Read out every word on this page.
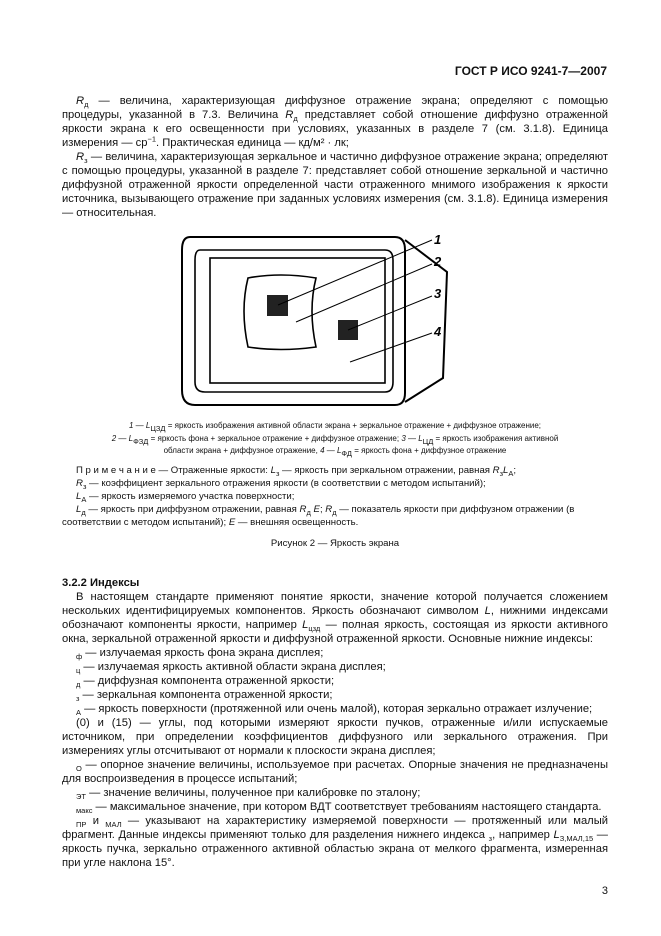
ГОСТ Р ИСО 9241-7—2007

$R_д$ — величина, характеризующая диффузное отражение экрана; определяют с помощью процедуры, указанной в 7.3. Величина $R_д$ представляет собой отношение диффузно отраженной яркости экрана к его освещенности при условиях, указанных в разделе 7 (см. 3.1.8). Единица измерения — $ср^{-1}$. Практическая единица — кд/м² · лк;

$R_з$ — величина, характеризующая зеркальное и частично диффузное отражение экрана; определяют с помощью процедуры, указанной в разделе 7: представляет собой отношение зеркальной и частично диффузной отраженной яркости определенной части отраженного мнимого изображения к яркости источника, вызывающего отражение при заданных условиях измерения (см. 3.1.8). Единица измерения — относительная.

1
2
3
4

1 — $L_{ЦЗД}$ = яркость изображения активной области экрана + зеркальное отражение + диффузное отражение;

2 — $L_{ФЗД}$ = яркость фона + зеркальное отражение + диффузное отражение; 3 — $L_{ЦД}$ = яркость изображения активной

области экрана + диффузное отражение, 4 — $L_{ФД}$ = яркость фона + диффузное отражение

П р и м е ч а н и е — Отраженные яркости: $L_з$ — яркость при зеркальном отражении, равная $R_зL_А$;

$R_з$ — коэффициент зеркального отражения яркости (в соответствии с методом испытаний);

$L_А$ — яркость измеряемого участка поверхности;

$L_д$ — яркость при диффузном отражении, равная $R_д$ E; $R_д$ — показатель яркости при диффузном отражении (в соответствии с методом испытаний); E — внешняя освещенность.

Рисунок 2 — Яркость экрана

3.2.2 Индексы

В настоящем стандарте применяют понятие яркости, значение которой получается сложением нескольких идентифицируемых компонентов. Яркость обозначают символом L, нижними индексами обозначают компоненты яркости, например $L_{цзд}$ — полная яркость, состоящая из яркости активного окна, зеркальной отраженной яркости и диффузной отраженной яркости. Основные нижние индексы:

$_ф$ — излучаемая яркость фона экрана дисплея;

$_ц$ — излучаемая яркость активной области экрана дисплея;

$_д$ — диффузная компонента отраженной яркости;

$_з$ — зеркальная компонента отраженной яркости;

$_А$ — яркость поверхности (протяженной или очень малой), которая зеркально отражает излучение;

(0) и (15) — углы, под которыми измеряют яркости пучков, отраженные и/или испускаемые источником, при определении коэффициентов диффузного или зеркального отражения. При измерениях углы отсчитывают от нормали к плоскости экрана дисплея;

$_О$ — опорное значение величины, используемое при расчетах. Опорные значения не предназначены для воспроизведения в процессе испытаний;

$_{ЭТ}$ — значение величины, полученное при калибровке по эталону;

$_{макс}$ — максимальное значение, при котором ВДТ соответствует требованиям настоящего стандарта.

$_{ПР}$ и $_{МАЛ}$ — указывают на характеристику измеряемой поверхности — протяженный или малый фрагмент. Данные индексы применяют только для разделения нижнего индекса $_з$, например $L_{З,МАЛ,15}$ — яркость пучка, зеркально отраженного активной областью экрана от мелкого фрагмента, измеренная при угле наклона 15°.

3
